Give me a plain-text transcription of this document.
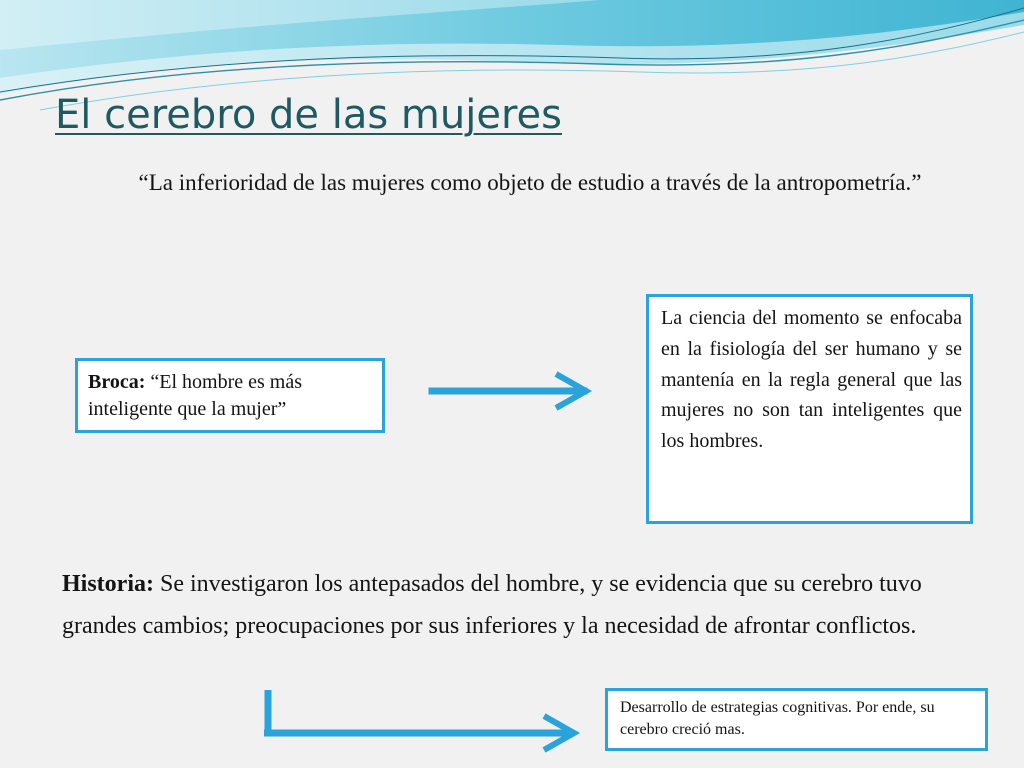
El cerebro de las mujeres

“La inferioridad de las mujeres como objeto de estudio a través de la antropometría.”

Broca: “El hombre es más inteligente que la mujer”
La ciencia del momento se enfocaba en la fisiología del ser humano y se mantenía en la regla general que las mujeres no son tan inteligentes que los hombres.

Historia: Se investigaron los antepasados del hombre, y se evidencia que su cerebro tuvo grandes cambios; preocupaciones por sus inferiores y la necesidad de afrontar conflictos.

Desarrollo de estrategias cognitivas. Por ende, su cerebro creció mas.
